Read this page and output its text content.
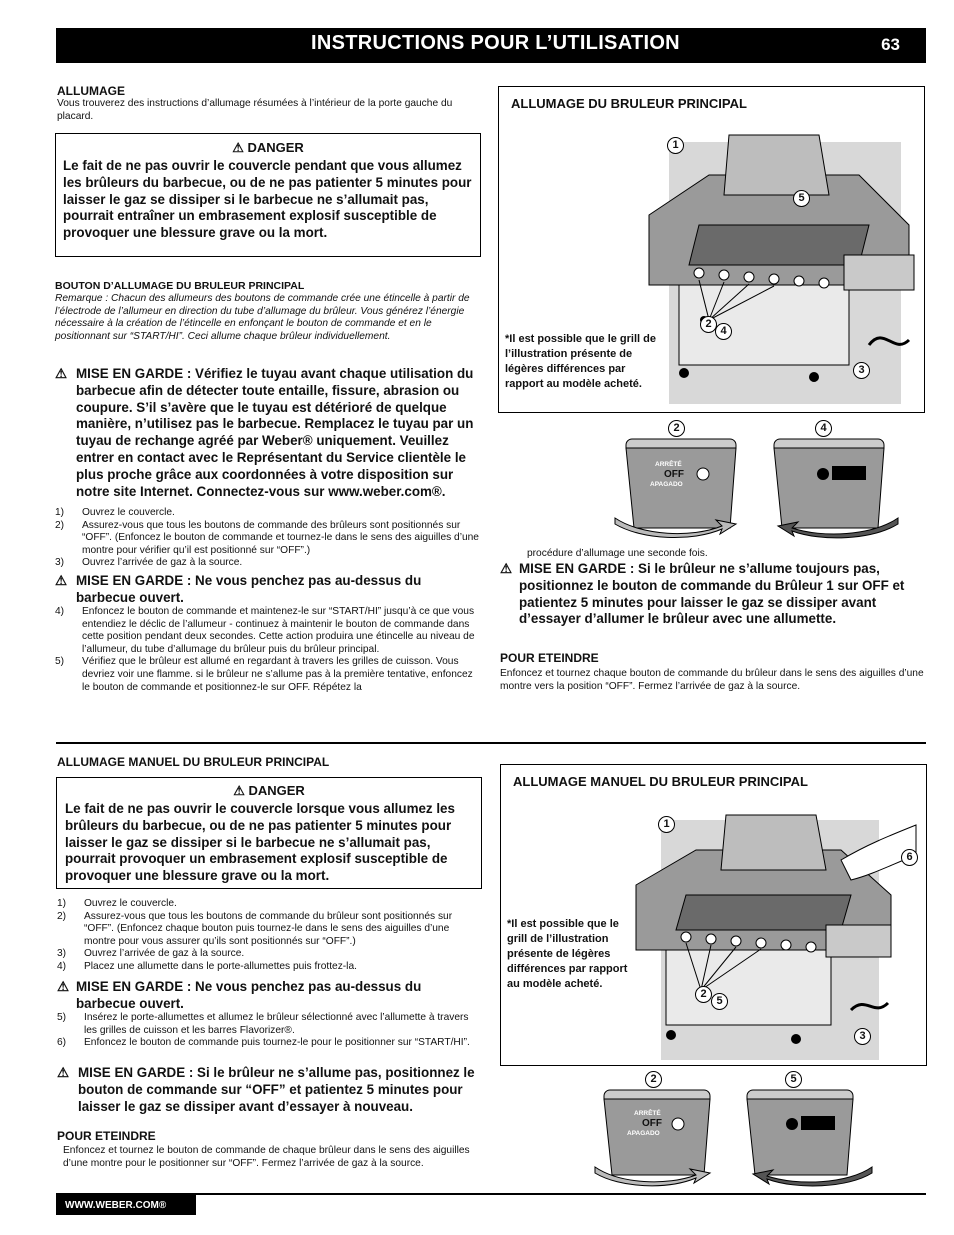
INSTRUCTIONS POUR L’UTILISATION	63
ALLUMAGE
Vous trouverez des instructions d’allumage résumées à l’intérieur de la porte gauche du placard.
⚠ DANGER
Le fait de ne pas ouvrir le couvercle pendant que vous allumez les brûleurs du barbecue, ou de ne pas patienter 5 minutes pour laisser le gaz se dissiper si le barbecue ne s’allumait pas, pourrait entraîner un embrasement explosif susceptible de provoquer une blessure grave ou la mort.
BOUTON D’ALLUMAGE DU BRULEUR PRINCIPAL
Remarque : Chacun des allumeurs des boutons de commande crée une étincelle à partir de l’électrode de l’allumeur en direction du tube d’allumage du brûleur. Vous générez l’énergie nécessaire à la création de l’étincelle en enfonçant le bouton de commande et en le positionnant sur “START/HI”. Ceci allume chaque brûleur individuellement.
⚠ MISE EN GARDE : Vérifiez le tuyau avant chaque utilisation du barbecue afin de détecter toute entaille, fissure, abrasion ou coupure. S’il s’avère que le tuyau est détérioré de quelque manière, n’utilisez pas le barbecue. Remplacez le tuyau par un tuyau de rechange agréé par Weber® uniquement. Veuillez entrer en contact avec le Représentant du Service clientèle le plus proche grâce aux coordonnées à votre disposition sur notre site Internet. Connectez-vous sur www.weber.com®.
1) Ouvrez le couvercle.
2) Assurez-vous que tous les boutons de commande des brûleurs sont positionnés sur “OFF”. (Enfoncez le bouton de commande et tournez-le dans le sens des aiguilles d’une montre pour vérifier qu’il est positionné sur “OFF”.)
3) Ouvrez l’arrivée de gaz à la source.
⚠ MISE EN GARDE : Ne vous penchez pas au-dessus du barbecue ouvert.
4) Enfoncez le bouton de commande et maintenez-le sur “START/HI” jusqu’à ce que vous entendiez le déclic de l’allumeur - continuez à maintenir le bouton de commande dans cette position pendant deux secondes. Cette action produira une étincelle au niveau de l’allumeur, du tube d’allumage du brûleur puis du brûleur principal.
5) Vérifiez que le brûleur est allumé en regardant à travers les grilles de cuisson. Vous devriez voir une flamme. si le brûleur ne s’allume pas à la première tentative, enfoncez le bouton de commande et positionnez-le sur OFF. Répétez la
ALLUMAGE DU BRULEUR PRINCIPAL
1
5
2
4
3
*Il est possible que le grill de l’illustration présente de légères différences par rapport au modèle acheté.
2	4
ARRÊTÉ
OFF
APAGADO
procédure d’allumage une seconde fois.
⚠ MISE EN GARDE : Si le brûleur ne s’allume toujours pas, positionnez le bouton de commande du Brûleur 1 sur OFF et patientez 5 minutes pour laisser le gaz se dissiper avant d’essayer d’allumer le brûleur avec une allumette.
POUR ETEINDRE
Enfoncez et tournez chaque bouton de commande du brûleur dans le sens des aiguilles d’une montre vers la position “OFF”. Fermez l’arrivée de gaz à la source.
ALLUMAGE MANUEL DU BRULEUR PRINCIPAL
⚠ DANGER
Le fait de ne pas ouvrir le couvercle lorsque vous allumez les brûleurs du barbecue, ou de ne pas patienter 5 minutes pour laisser le gaz se dissiper si le barbecue ne s’allumait pas, pourrait provoquer un embrasement explosif susceptible de provoquer une blessure grave ou la mort.
1) Ouvrez le couvercle.
2) Assurez-vous que tous les boutons de commande du brûleur sont positionnés sur “OFF”. (Enfoncez chaque bouton puis tournez-le dans le sens des aiguilles d’une montre pour vous assurer qu’ils sont positionnés sur “OFF”.)
3) Ouvrez l’arrivée de gaz à la source.
4) Placez une allumette dans le porte-allumettes puis frottez-la.
⚠ MISE EN GARDE : Ne vous penchez pas au-dessus du barbecue ouvert.
5) Insérez le porte-allumettes et allumez le brûleur sélectionné avec l’allumette à travers les grilles de cuisson et les barres Flavorizer®.
6) Enfoncez le bouton de commande puis tournez-le pour le positionner sur “START/HI”.
⚠ MISE EN GARDE : Si le brûleur ne s’allume pas, positionnez le bouton de commande sur “OFF” et patientez 5 minutes pour laisser le gaz se dissiper avant d’essayer à nouveau.
POUR ETEINDRE
Enfoncez et tournez le bouton de commande de chaque brûleur dans le sens des aiguilles d’une montre pour le positionner sur “OFF”. Fermez l’arrivée de gaz à la source.
ALLUMAGE MANUEL DU BRULEUR PRINCIPAL
1
6
2
5
3
*Il est possible que le grill de l’illustration présente de légères différences par rapport au modèle acheté.
2	5
ARRÊTÉ
OFF
APAGADO
WWW.WEBER.COM®
